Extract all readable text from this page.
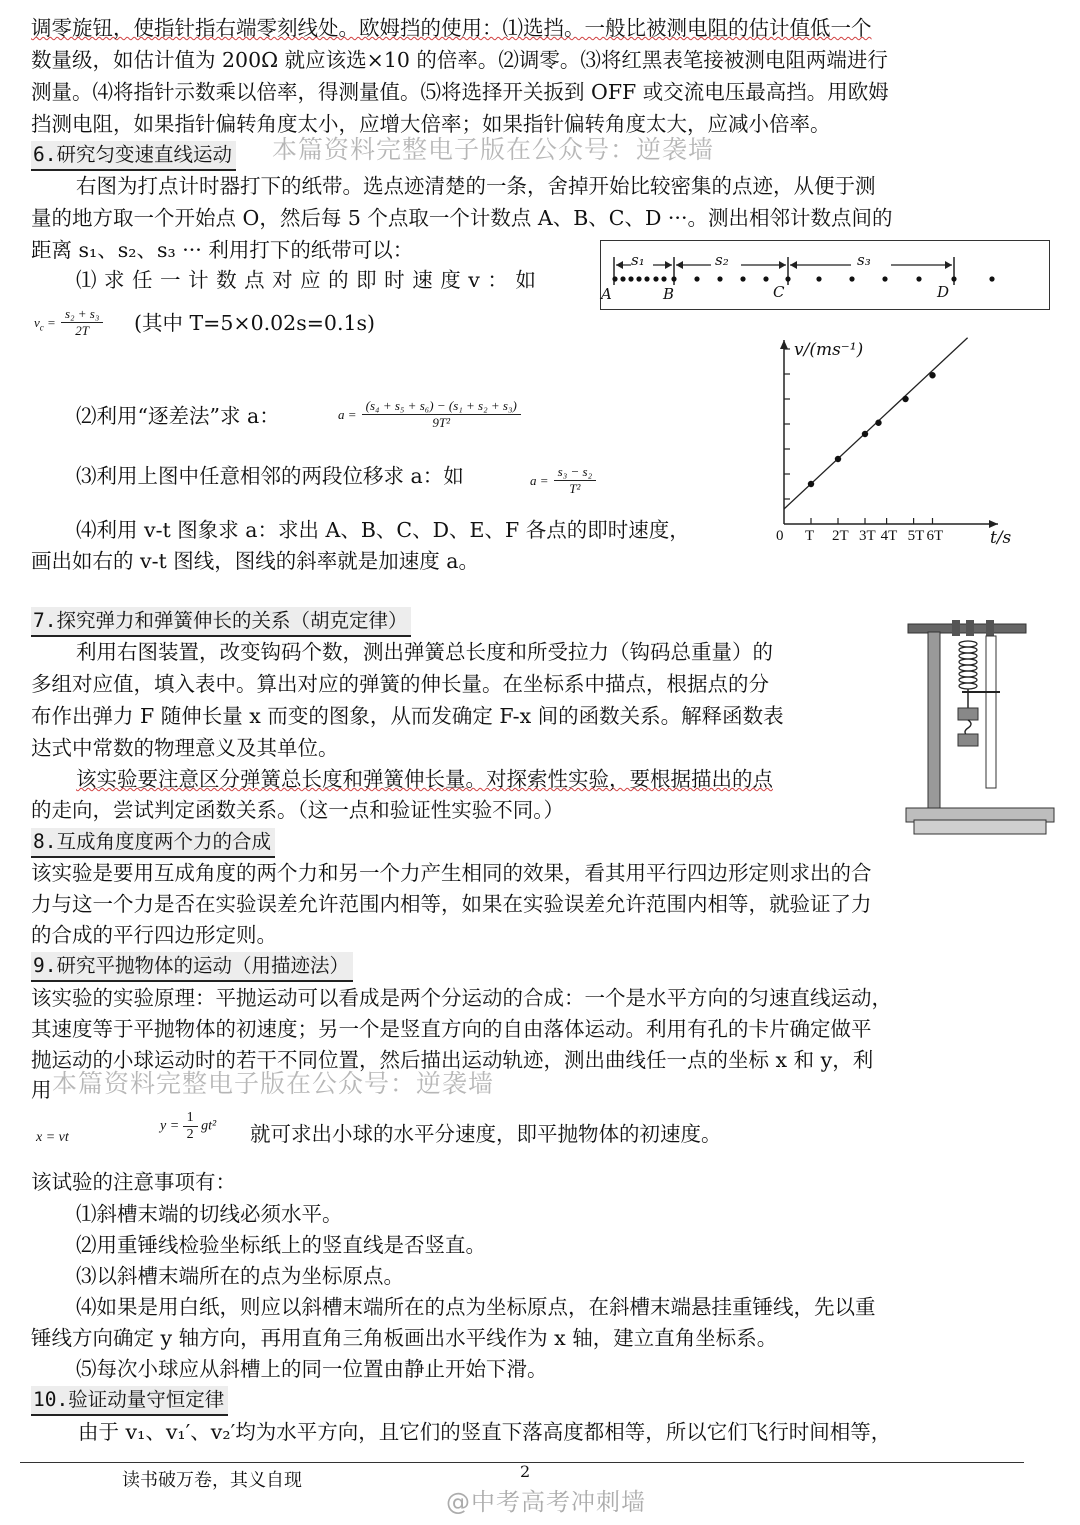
调零旋钮，使指针指右端零刻线处。欧姆挡的使用：⑴选挡。一般比被测电阻的估计值低一个
数量级，如估计值为 200Ω 就应该选×10 的倍率。⑵调零。⑶将红黑表笔接被测电阻两端进行
测量。⑷将指针示数乘以倍率，得测量值。⑸将选择开关扳到 OFF 或交流电压最高挡。用欧姆
挡测电阻，如果指针偏转角度太小，应增大倍率；如果指针偏转角度太大，应减小倍率。
6.研究匀变速直线运动 本篇资料完整电子版在公众号：逆袭墙
右图为打点计时器打下的纸带。选点迹清楚的一条，舍掉开始比较密集的点迹，从便于测
量的地方取一个开始点 O，然后每 5 个点取一个计数点 A、B、C、D ···。测出相邻计数点间的
距离 s₁、s₂、s₃ ··· 利用打下的纸带可以：
⑴ 求 任 一 计 数 点 对 应 的 即 时 速 度 v ： 如
s₁	s₂	s₃
A	B	C	D
$v_c = \frac{\text{s₂ + s₃}}{2T}$ (其中 T=5×0.02s=0.1s)
⑵利用“逐差法”求 a：	$a = \frac{\text{(s₄ + s₅ + s₆) − (s₁ + s₂ + s₃)}}{\text{9T²}}$
⑶利用上图中任意相邻的两段位移求 a：如	$a = \frac{\text{s₃ − s₂}}{\text{T²}}$
⑷利用 v-t 图象求 a：求出 A、B、C、D、E、F 各点的即时速度，
画出如右的 v-t 图线，图线的斜率就是加速度 a。
0 T 2T 3T 4T 5T 6T
v/(ms⁻¹)
t/s
7.探究弹力和弹簧伸长的关系（胡克定律）
利用右图装置，改变钩码个数，测出弹簧总长度和所受拉力（钩码总重量）的
多组对应值，填入表中。算出对应的弹簧的伸长量。在坐标系中描点，根据点的分
布作出弹力 F 随伸长量 x 而变的图象，从而发确定 F-x 间的函数关系。解释函数表
达式中常数的物理意义及其单位。
该实验要注意区分弹簧总长度和弹簧伸长量。对探索性实验，要根据描出的点
的走向，尝试判定函数关系。（这一点和验证性实验不同。）
8.互成角度度两个力的合成
该实验是要用互成角度的两个力和另一个力产生相同的效果，看其用平行四边形定则求出的合
力与这一个力是否在实验误差允许范围内相等，如果在实验误差允许范围内相等，就验证了力
的合成的平行四边形定则。
9.研究平抛物体的运动（用描迹法）
该实验的实验原理：平抛运动可以看成是两个分运动的合成：一个是水平方向的匀速直线运动，
其速度等于平抛物体的初速度；另一个是竖直方向的自由落体运动。利用有孔的卡片确定做平
抛运动的小球运动时的若干不同位置，然后描出运动轨迹，测出曲线任一点的坐标 x 和 y，利
用 本篇资料完整电子版在公众号：逆袭墙
x = vt
$y = \frac{1}{2} gt^2$ 就可求出小球的水平分速度，即平抛物体的初速度。
该试验的注意事项有：
⑴斜槽末端的切线必须水平。
⑵用重锤线检验坐标纸上的竖直线是否竖直。
⑶以斜槽末端所在的点为坐标原点。
⑷如果是用白纸，则应以斜槽末端所在的点为坐标原点，在斜槽末端悬挂重锤线，先以重
锤线方向确定 y 轴方向，再用直角三角板画出水平线作为 x 轴，建立直角坐标系。
⑸每次小球应从斜槽上的同一位置由静止开始下滑。
10.验证动量守恒定律
由于 v₁、v₁′、v₂′均为水平方向，且它们的竖直下落高度都相等，所以它们飞行时间相等，
读书破万卷，其义自现	2
@中考高考冲刺墙
